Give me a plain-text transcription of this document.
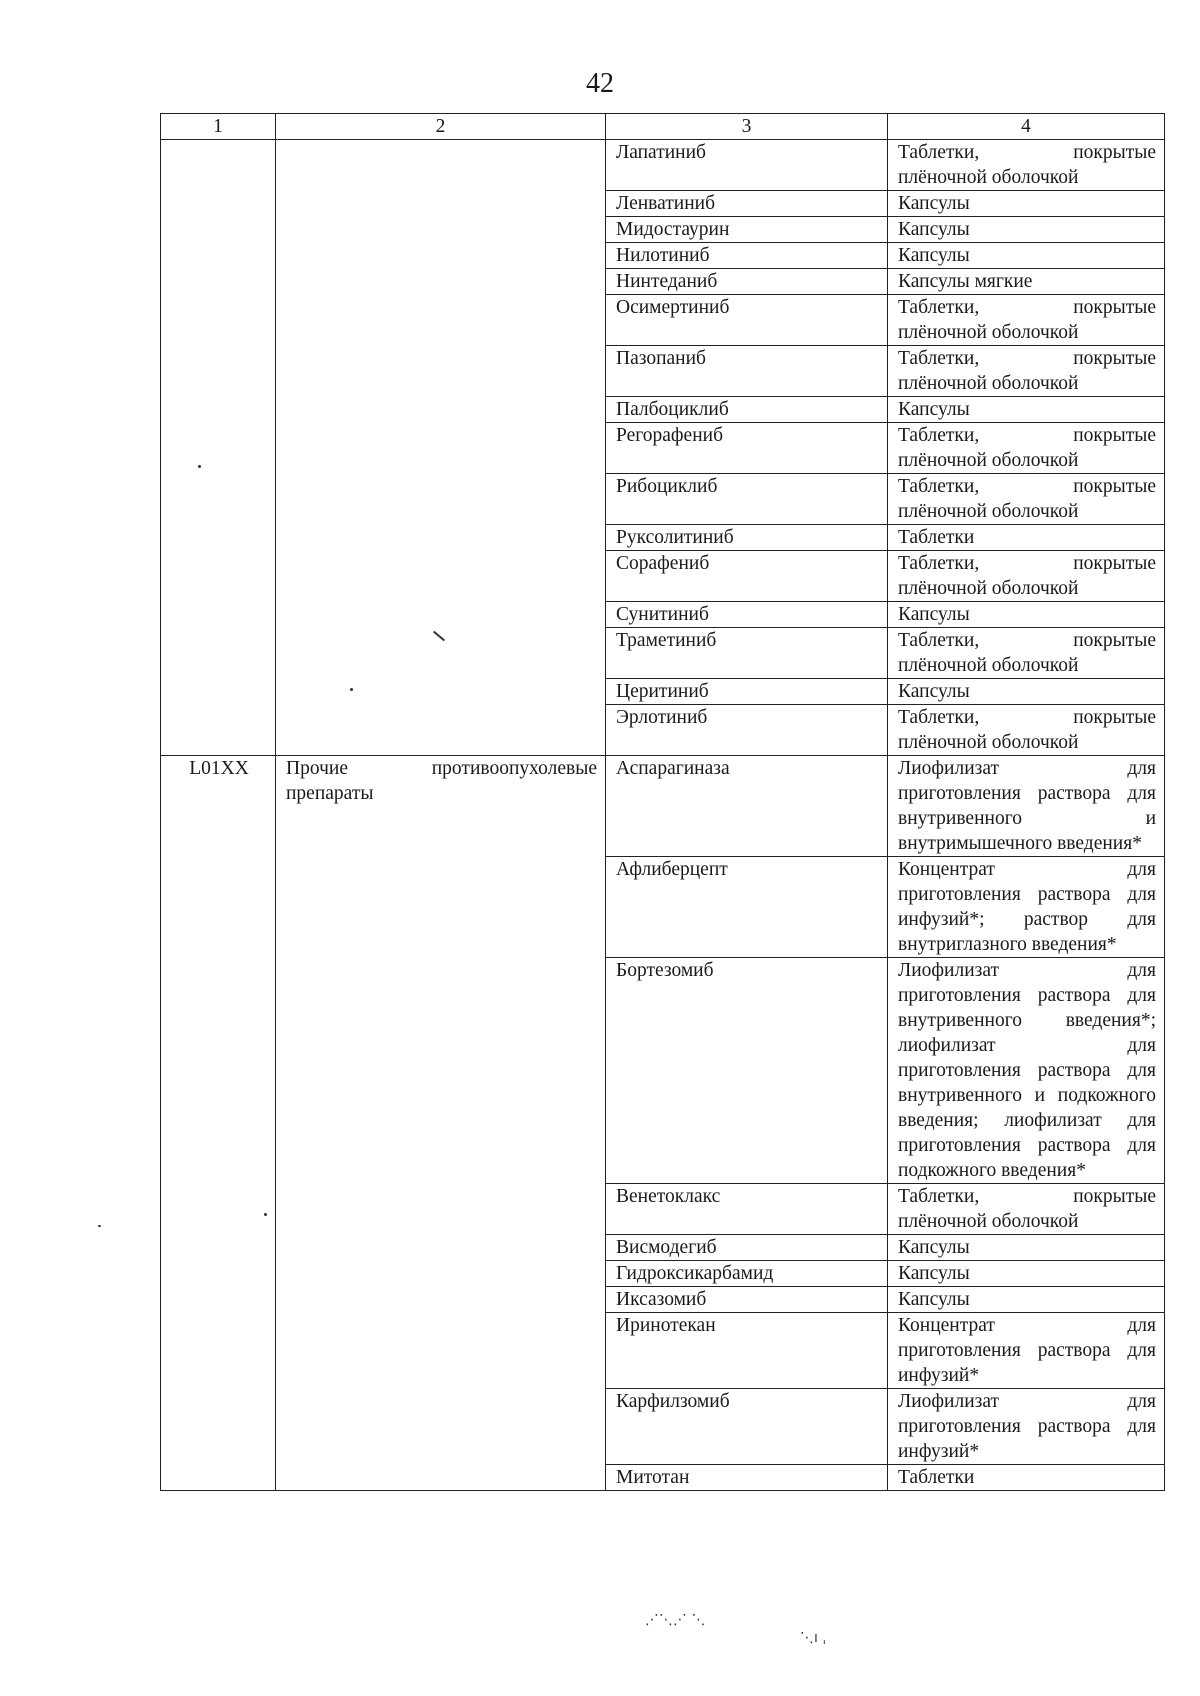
42
1	2	3	4
		Лапатиниб	Таблетки, покрытые плёночной оболочкой
		Ленватиниб	Капсулы
		Мидостаурин	Капсулы
		Нилотиниб	Капсулы
		Нинтеданиб	Капсулы мягкие
		Осимертиниб	Таблетки, покрытые плёночной оболочкой
		Пазопаниб	Таблетки, покрытые плёночной оболочкой
		Палбоциклиб	Капсулы
		Регорафениб	Таблетки, покрытые плёночной оболочкой
		Рибоциклиб	Таблетки, покрытые плёночной оболочкой
		Руксолитиниб	Таблетки
		Сорафениб	Таблетки, покрытые плёночной оболочкой
		Сунитиниб	Капсулы
		Траметиниб	Таблетки, покрытые плёночной оболочкой
		Церитиниб	Капсулы
		Эрлотиниб	Таблетки, покрытые плёночной оболочкой
L01XX	Прочие противоопухолевые препараты	Аспарагиназа	Лиофилизат для приготовления раствора для внутривенного и внутримышечного введения*
		Афлиберцепт	Концентрат для приготовления раствора для инфузий*; раствор для внутриглазного введения*
		Бортезомиб	Лиофилизат для приготовления раствора для внутривенного введения*; лиофилизат для приготовления раствора для внутривенного и подкожного введения; лиофилизат для приготовления раствора для подкожного введения*
		Венетоклакс	Таблетки, покрытые плёночной оболочкой
		Висмодегиб	Капсулы
		Гидроксикарбамид	Капсулы
		Иксазомиб	Капсулы
		Иринотекан	Концентрат для приготовления раствора для инфузий*
		Карфилзомиб	Лиофилизат для приготовления раствора для инфузий*
		Митотан	Таблетки
⋰⋱⋰ ⋱
⋱ı ˌ
